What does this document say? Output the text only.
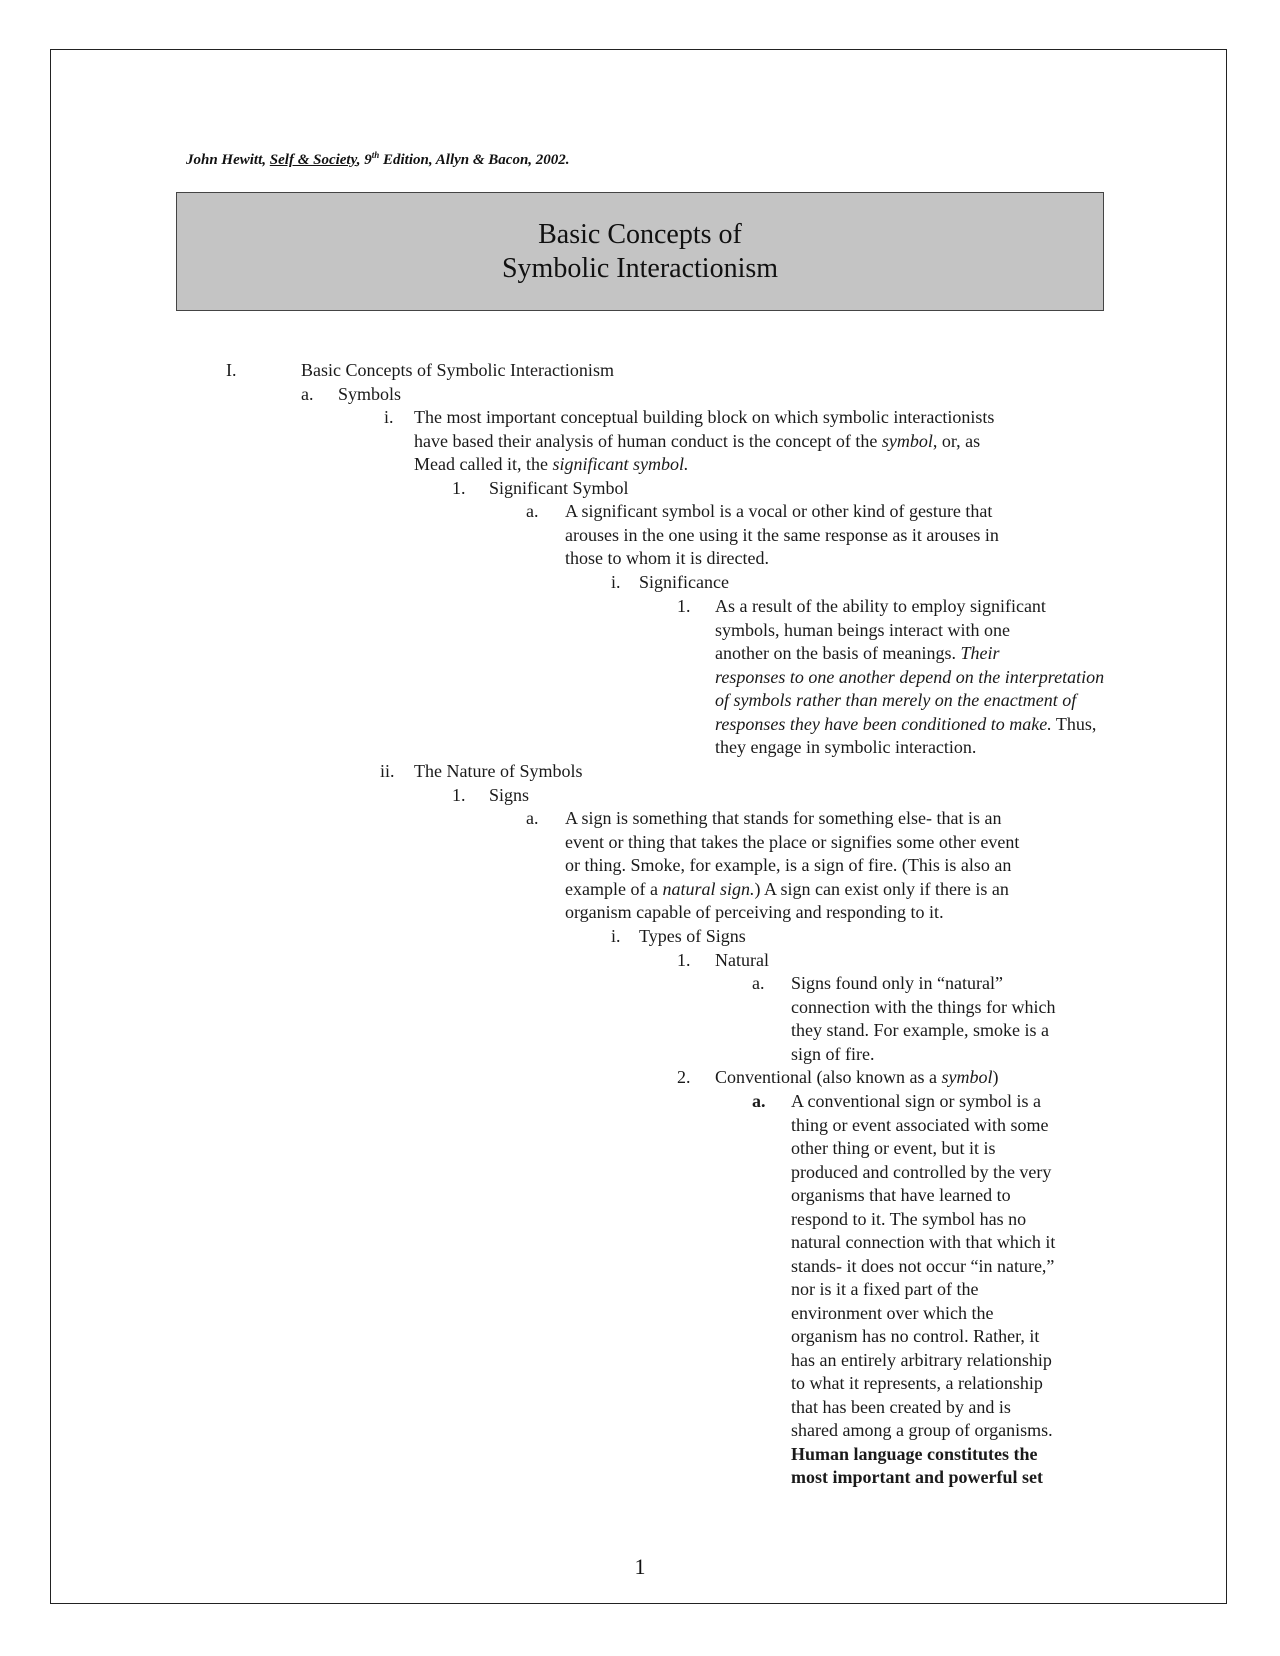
John Hewitt, Self & Society, 9th Edition, Allyn & Bacon, 2002.
Basic Concepts of
Symbolic Interactionism
I.	Basic Concepts of Symbolic Interactionism
a. Symbols
i. The most important conceptual building block on which symbolic interactionists
have based their analysis of human conduct is the concept of the symbol, or, as
Mead called it, the significant symbol.
1. Significant Symbol
a. A significant symbol is a vocal or other kind of gesture that
arouses in the one using it the same response as it arouses in
those to whom it is directed.
i. Significance
1. As a result of the ability to employ significant
symbols, human beings interact with one
another on the basis of meanings. Their
responses to one another depend on the interpretation
of symbols rather than merely on the enactment of
responses they have been conditioned to make. Thus,
they engage in symbolic interaction.
ii. The Nature of Symbols
1. Signs
a. A sign is something that stands for something else- that is an
event or thing that takes the place or signifies some other event
or thing. Smoke, for example, is a sign of fire. (This is also an
example of a natural sign.) A sign can exist only if there is an
organism capable of perceiving and responding to it.
i. Types of Signs
1. Natural
a. Signs found only in “natural”
connection with the things for which
they stand. For example, smoke is a
sign of fire.
2. Conventional (also known as a symbol)
a. A conventional sign or symbol is a
thing or event associated with some
other thing or event, but it is
produced and controlled by the very
organisms that have learned to
respond to it. The symbol has no
natural connection with that which it
stands- it does not occur “in nature,”
nor is it a fixed part of the
environment over which the
organism has no control. Rather, it
has an entirely arbitrary relationship
to what it represents, a relationship
that has been created by and is
shared among a group of organisms.
Human language constitutes the
most important and powerful set
1
